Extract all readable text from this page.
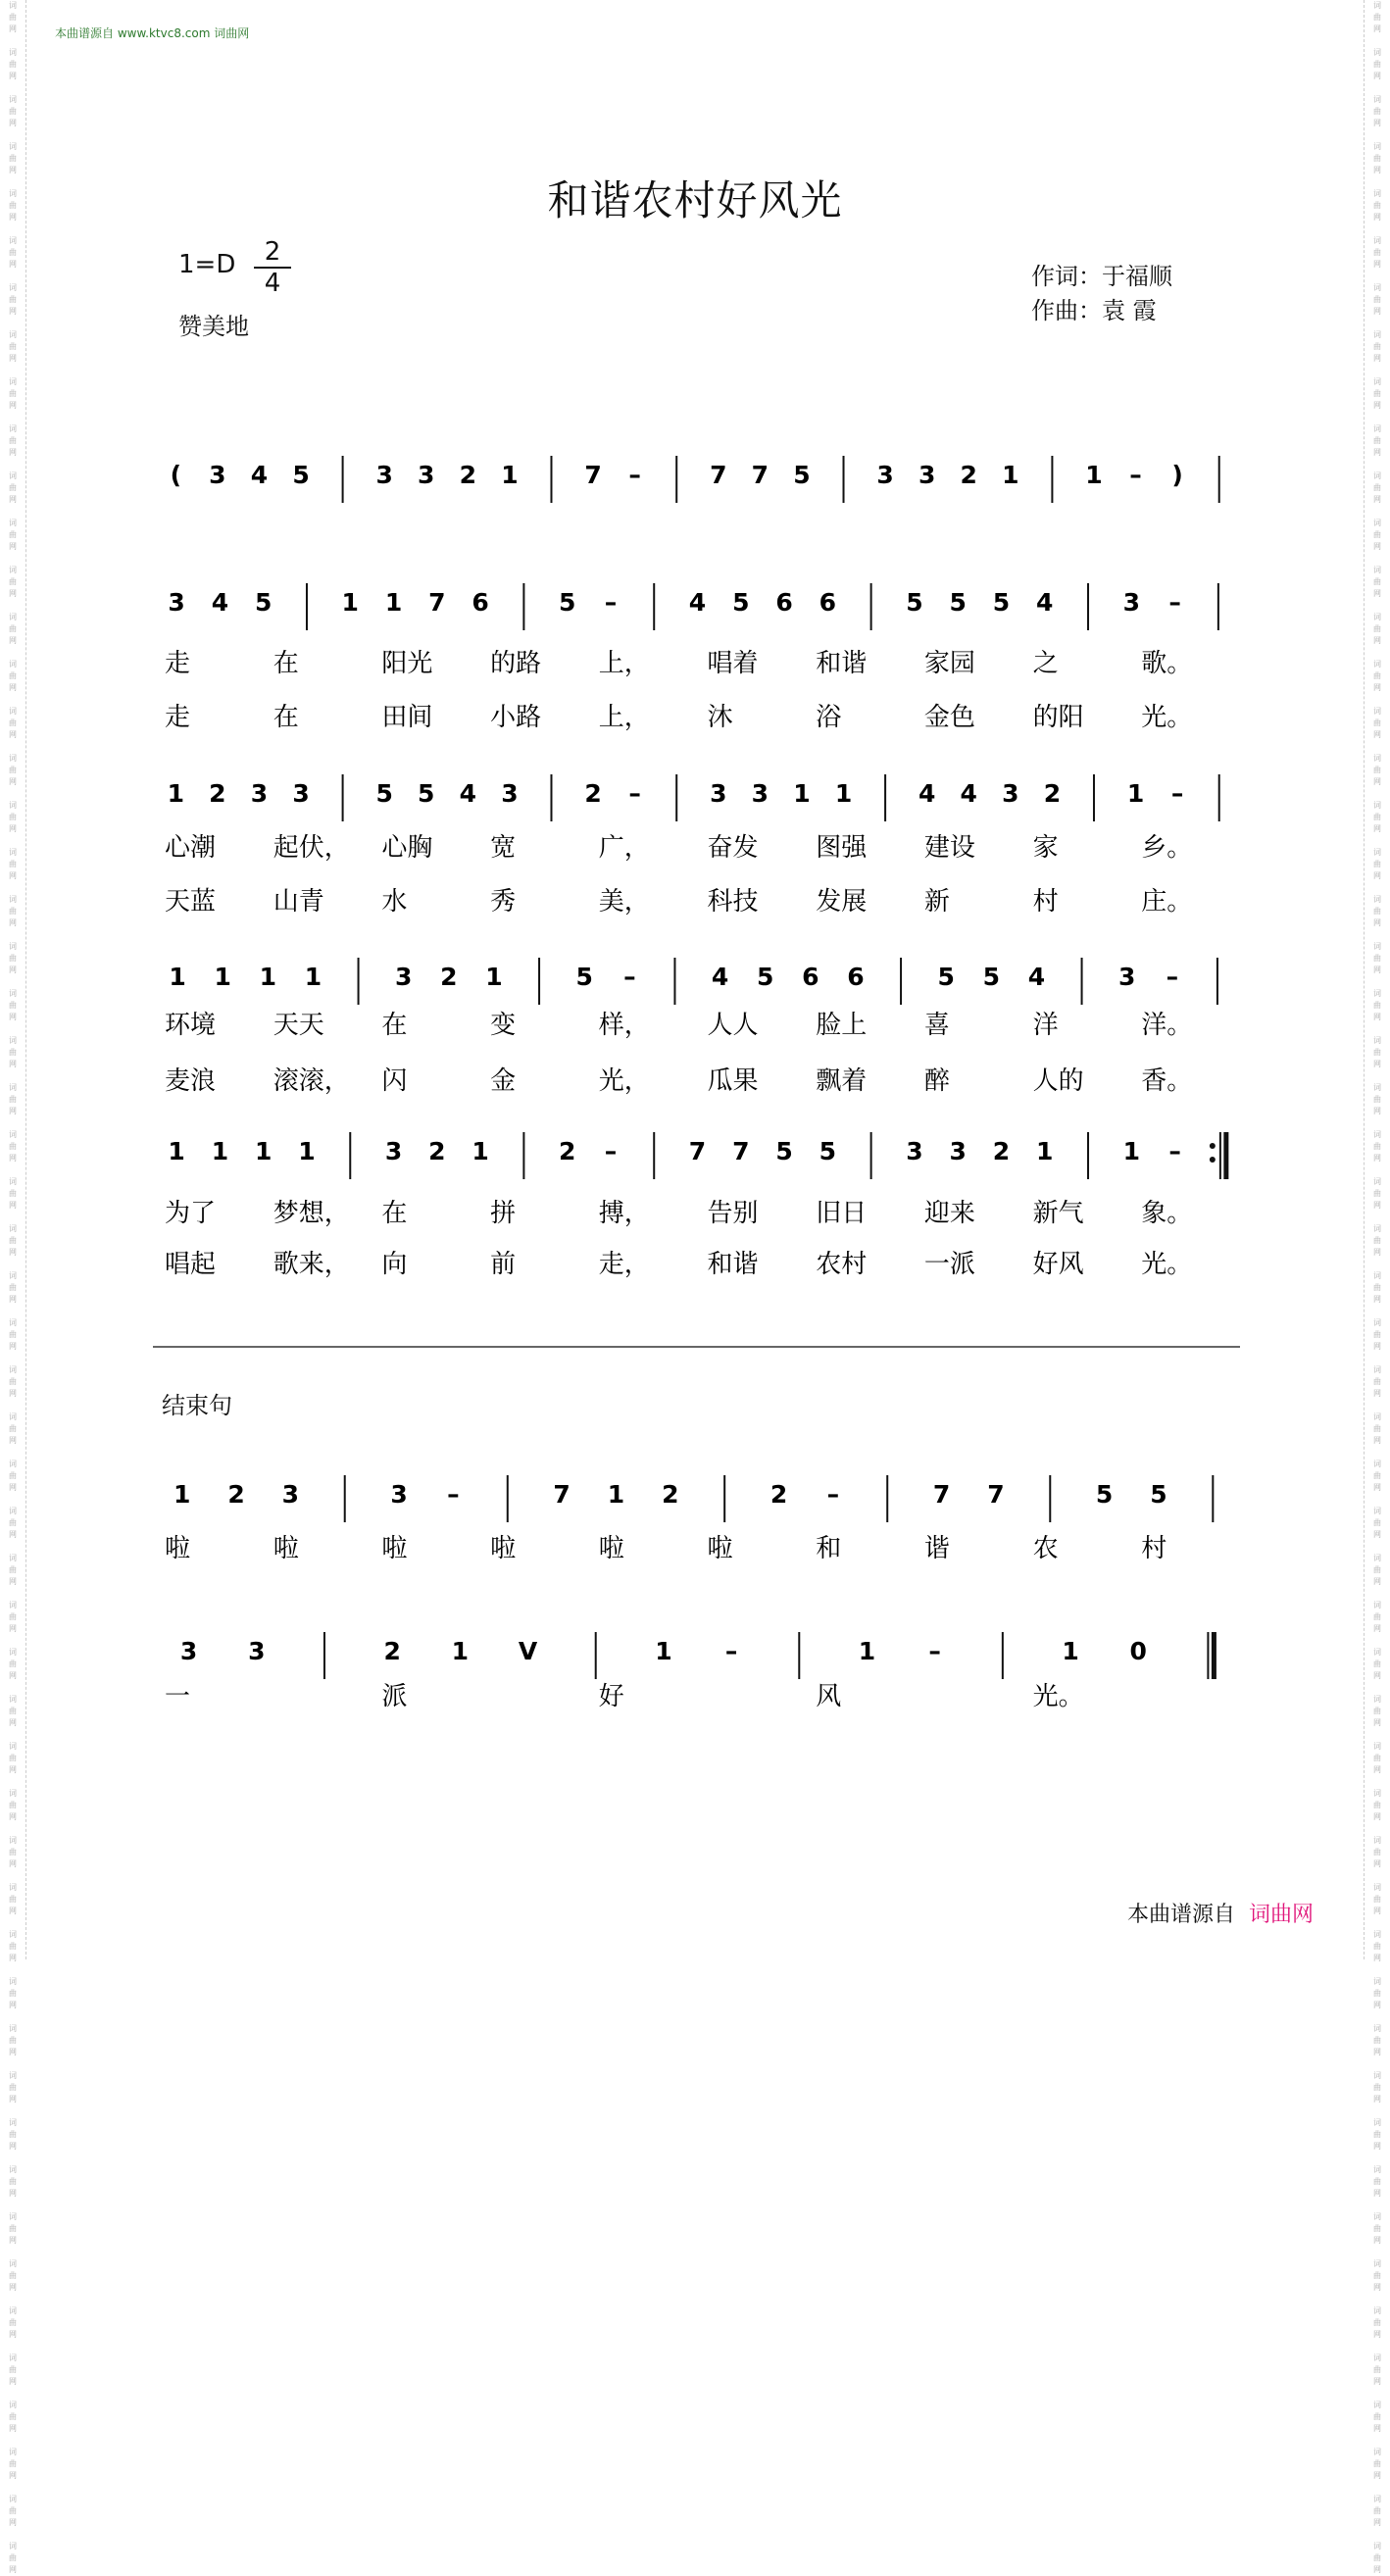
词
曲
网

词
曲
网

词
曲
网

词
曲
网

词
曲
网

词
曲
网

词
曲
网

词
曲
网

词
曲
网

词
曲
网

词
曲
网

词
曲
网

词
曲
网

词
曲
网

词
曲
网

词
曲
网

词
曲
网

词
曲
网

词
曲
网

词
曲
网

词
曲
网

词
曲
网

词
曲
网

词
曲
网

词
曲
网

词
曲
网

词
曲
网

词
曲
网

词
曲
网

词
曲
网

词
曲
网

词
曲
网

词
曲
网

词
曲
网

词
曲
网

词
曲
网

词
曲
网

词
曲
网

词
曲
网

词
曲
网

词
曲
网

词
曲
网

词
曲
网

词
曲
网

词
曲
网

词
曲
网

词
曲
网

词
曲
网

词
曲
网

词
曲
网

词
曲
网

词
曲
网

词
曲
网

词
曲
网

词
曲
网

词
曲
网

词
曲
网

词
曲
网

词
曲
网

词
曲
网

词
曲
网

词
曲
网

词
曲
网

词
曲
网

词
曲
网

词
曲
网

词
曲
网

词
曲
网

词
曲
网

词
曲
网

词
曲
网

词
曲
网

词
曲
网

词
曲
网

词
曲
网

词
曲
网

词
曲
网

词
曲
网

词
曲
网

词
曲
网

词
曲
网

词
曲
网

词
曲
网

词
曲
网

词
曲
网

词
曲
网

词
曲
网

词
曲
网

词
曲
网

词
曲
网

词
曲
网

词
曲
网

词
曲
网

词
曲
网

词
曲
网

词
曲
网

词
曲
网

词
曲
网

词
曲
网

词
曲
网

词
曲
网

词
曲
网

词
曲
网

词
曲
网

词
曲
网

词
曲
网

词
曲
网

词
曲
网

词
曲
网

词
曲
网

本曲谱源自 www.ktvc8.com 词曲网
和谐农村好风光
1=D	2
4
赞美地
作词：于福顺
作曲：袁 霞
结束句
本曲谱源自 词曲网
( 3 4 5	3 3 2 1	7 –	7 7 5	3 3 2 1	1 – )
3 4 5	1 1 7 6	5 –	4 5 6 6	5 5 5 4	3 –
走	在	阳光 的路 上， 唱着 和谐 家园 之	歌。
走	在	田间 小路 上， 沐	浴	金色 的阳 光。
1 2 3 3	5 5 4 3	2 –	3 3 1 1	4 4 3 2	1 –
心潮 起伏， 心胸 宽	广， 奋发 图强 建设 家	乡。
天蓝 山青 水	秀	美， 科技 发展 新	村	庄。
1 1 1 1	3 2 1	5 –	4 5 6 6	5 5 4	3 –
环境 天天 在	变	样， 人人 脸上 喜	洋	洋。
麦浪 滚滚， 闪	金	光， 瓜果 飘着 醉	人的 香。
1 1 1 1	3 2 1	2 –	7 7 5 5	3 3 2 1	1 –
为了 梦想， 在	拼	搏， 告别 旧日 迎来 新气 象。
唱起 歌来， 向	前	走， 和谐 农村 一派 好风 光。
1 2 3	3 –	7 1 2	2 –	7 7	5 5
啦	啦	啦	啦	啦	啦	和	谐	农	村
3 3	2 1 V	1 –	1 –	1 0
一	派	好	风	光。
